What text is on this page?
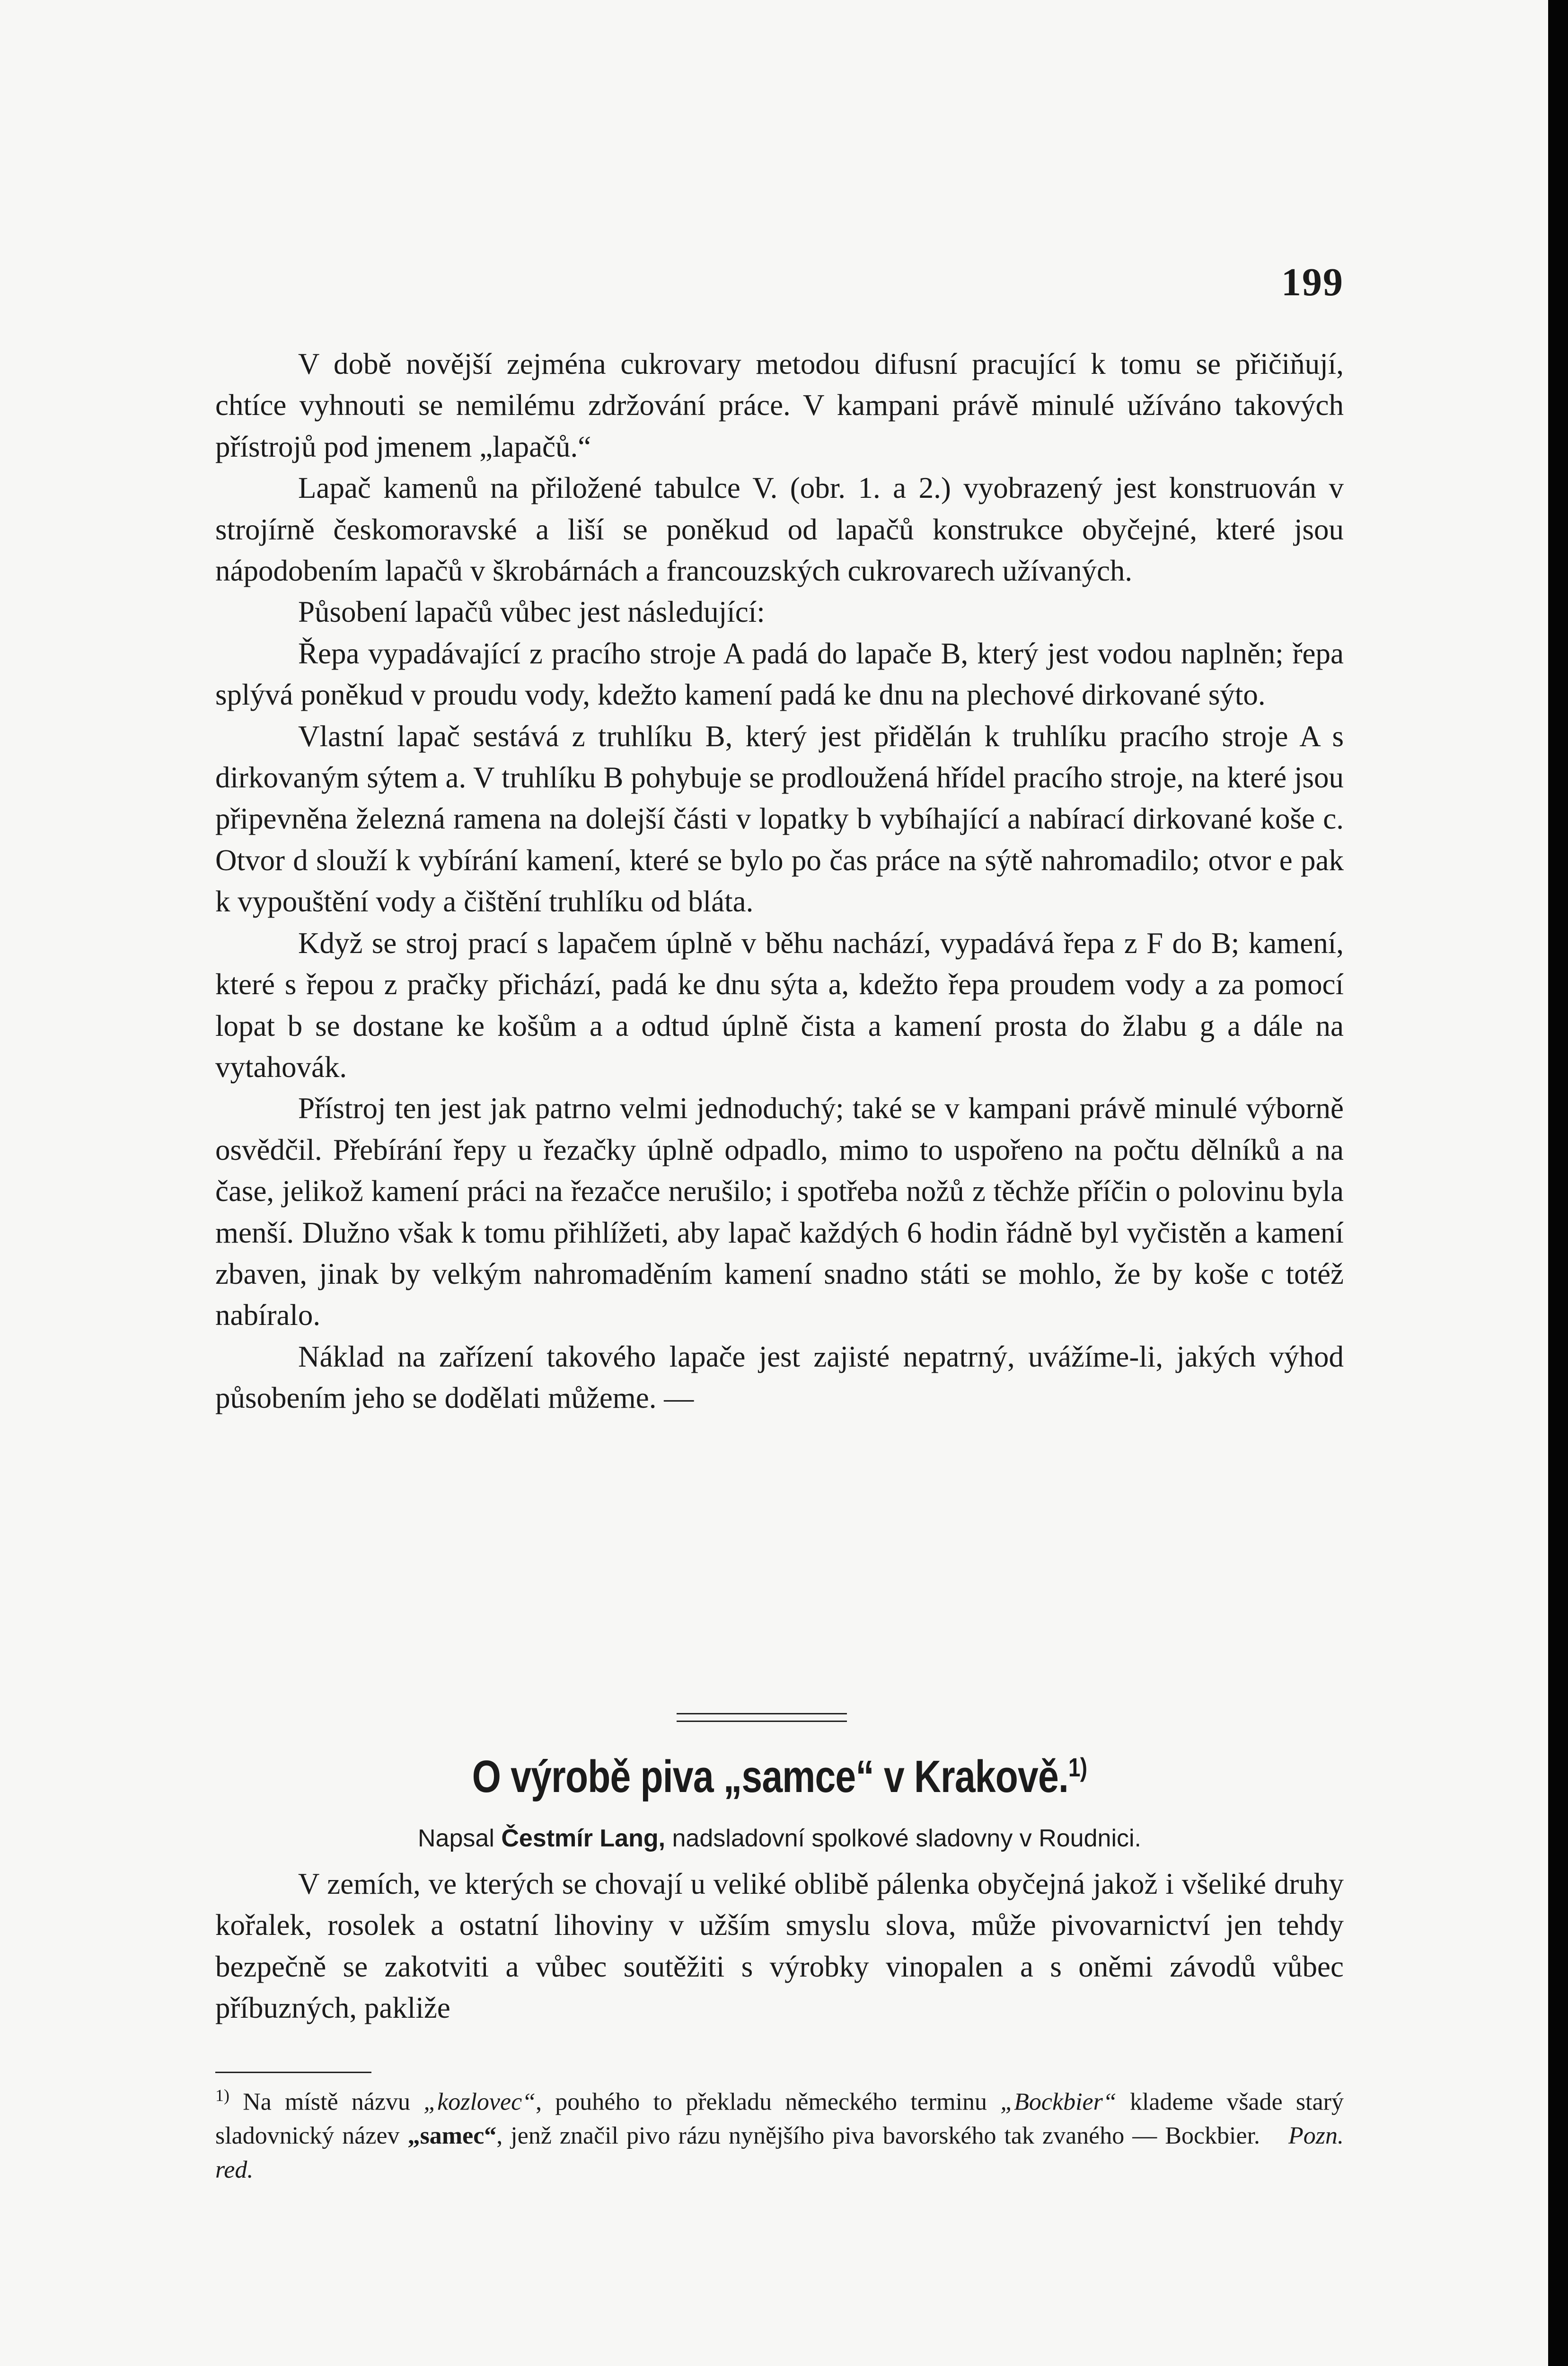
199

V době novější zejména cukrovary metodou difusní pracující k tomu se přičiňují, chtíce vyhnouti se nemilému zdržování práce. V kampani právě minulé užíváno takových přístrojů pod jmenem „lapačů.“

Lapač kamenů na přiložené tabulce V. (obr. 1. a 2.) vyobrazený jest konstruován v strojírně českomoravské a liší se poněkud od lapačů konstrukce obyčejné, které jsou nápodobením lapačů v škrobárnách a francouzských cukrovarech užívaných.

Působení lapačů vůbec jest následující:

Řepa vypadávající z pracího stroje A padá do lapače B, který jest vodou naplněn; řepa splývá poněkud v proudu vody, kdežto kamení padá ke dnu na plechové dirkované sýto.

Vlastní lapač sestává z truhlíku B, který jest přidělán k truhlíku pracího stroje A s dirkovaným sýtem a. V truhlíku B pohybuje se prodloužená hřídel pracího stroje, na které jsou připevněna železná ramena na dolejší části v lopatky b vybíhající a nabírací dirkované koše c. Otvor d slouží k vybírání kamení, které se bylo po čas práce na sýtě nahromadilo; otvor e pak k vypouštění vody a čištění truhlíku od bláta.

Když se stroj prací s lapačem úplně v běhu nachází, vypadává řepa z F do B; kamení, které s řepou z pračky přichází, padá ke dnu sýta a, kdežto řepa proudem vody a za pomocí lopat b se dostane ke košům a a odtud úplně čista a kamení prosta do žlabu g a dále na vytahovák.

Přístroj ten jest jak patrno velmi jednoduchý; také se v kampani právě minulé výborně osvědčil. Přebírání řepy u řezačky úplně odpadlo, mimo to uspořeno na počtu dělníků a na čase, jelikož kamení práci na řezačce nerušilo; i spotřeba nožů z těchže příčin o polovinu byla menší. Dlužno však k tomu přihlížeti, aby lapač každých 6 hodin řádně byl vyčistěn a kamení zbaven, jinak by velkým nahromaděním kamení snadno státi se mohlo, že by koše c totéž nabíralo.

Náklad na zařízení takového lapače jest zajisté nepatrný, uvážíme-li, jakých výhod působením jeho se dodělati můžeme. —

O výrobě piva „samce“ v Krakově.$^{1)}$
Napsal Čestmír Lang, nadsladovní spolkové sladovny v Roudnici.

V zemích, ve kterých se chovají u veliké oblibě pálenka obyčejná jakož i všeliké druhy kořalek, rosolek a ostatní lihoviny v užším smyslu slova, může pivovarnictví jen tehdy bezpečně se zakotviti a vůbec soutěžiti s výrobky vinopalen a s oněmi závodů vůbec příbuzných, pakliže

$^{1)}$ Na místě názvu „kozlovec“, pouhého to překladu německého terminu „Bockbier“ klademe všade starý sladovnický název „samec“, jenž značil pivo rázu nynějšího piva bavorského tak zvaného — Bockbier. Pozn. red.
